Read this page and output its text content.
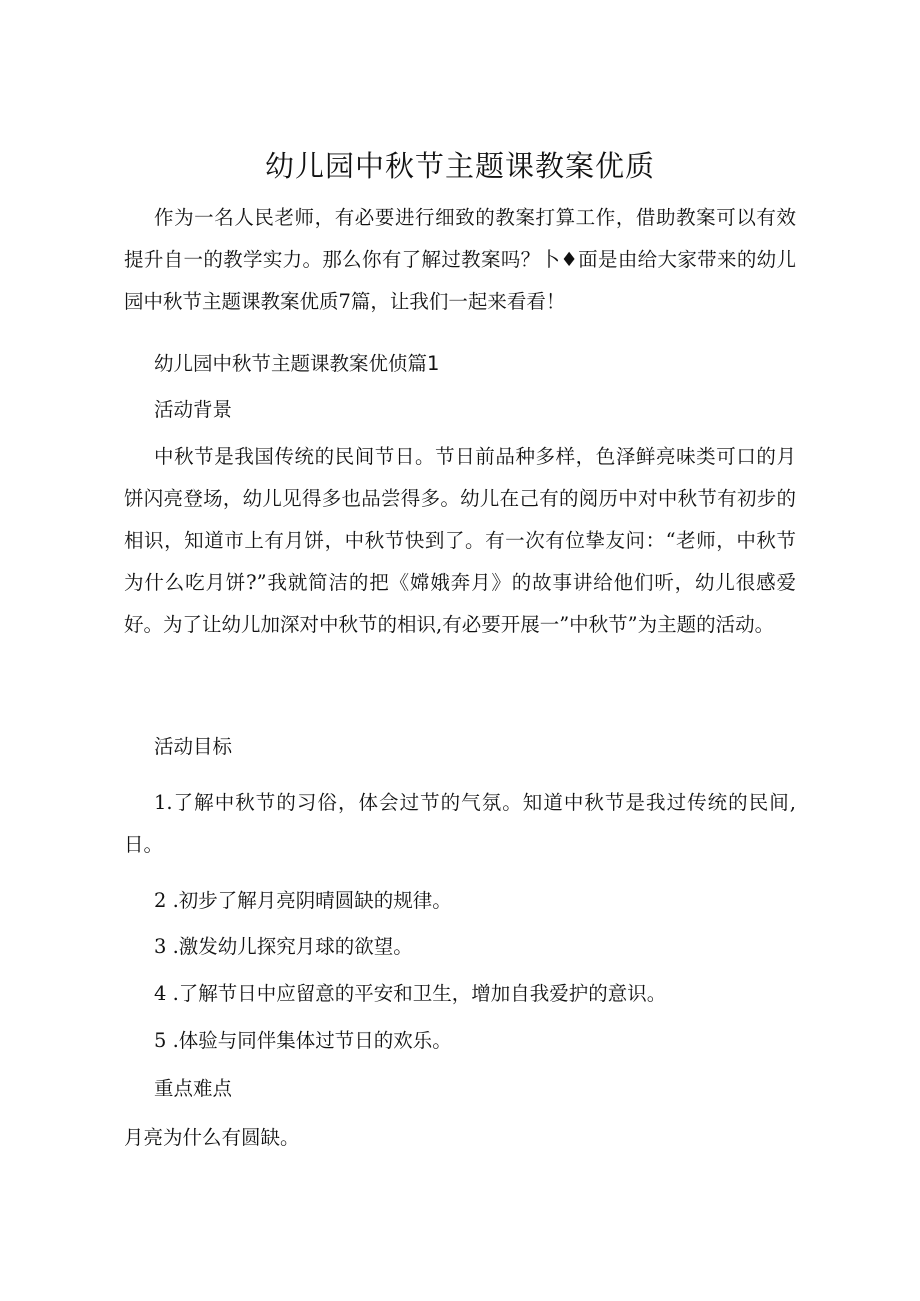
幼儿园中秋节主题课教案优质

作为一名人民老师，有必要进行细致的教案打算工作，借助教案可以有效提升自一的教学实力。那么你有了解过教案吗？卜♦面是由给大家带来的幼儿园中秋节主题课教案优质7篇，让我们一起来看看！

幼儿园中秋节主题课教案优侦篇1

活动背景

中秋节是我国传统的民间节日。节日前品种多样，色泽鲜亮味类可口的月饼闪亮登场，幼儿见得多也品尝得多。幼儿在己有的阅历中对中秋节有初步的相识，知道市上有月饼，中秋节快到了。有一次有位挚友问：“老师，中秋节为什么吃月饼?”我就简洁的把《嫦娥奔月》的故事讲给他们听，幼儿很感爱好。为了让幼儿加深对中秋节的相识,有必要开展一”中秋节”为主题的活动。

活动目标

1.了解中秋节的习俗，体会过节的气氛。知道中秋节是我过传统的民间,日。

2 .初步了解月亮阴晴圆缺的规律。

3 .激发幼儿探究月球的欲望。

4 .了解节日中应留意的平安和卫生，增加自我爱护的意识。

5 .体验与同伴集体过节日的欢乐。

重点难点

月亮为什么有圆缺。
